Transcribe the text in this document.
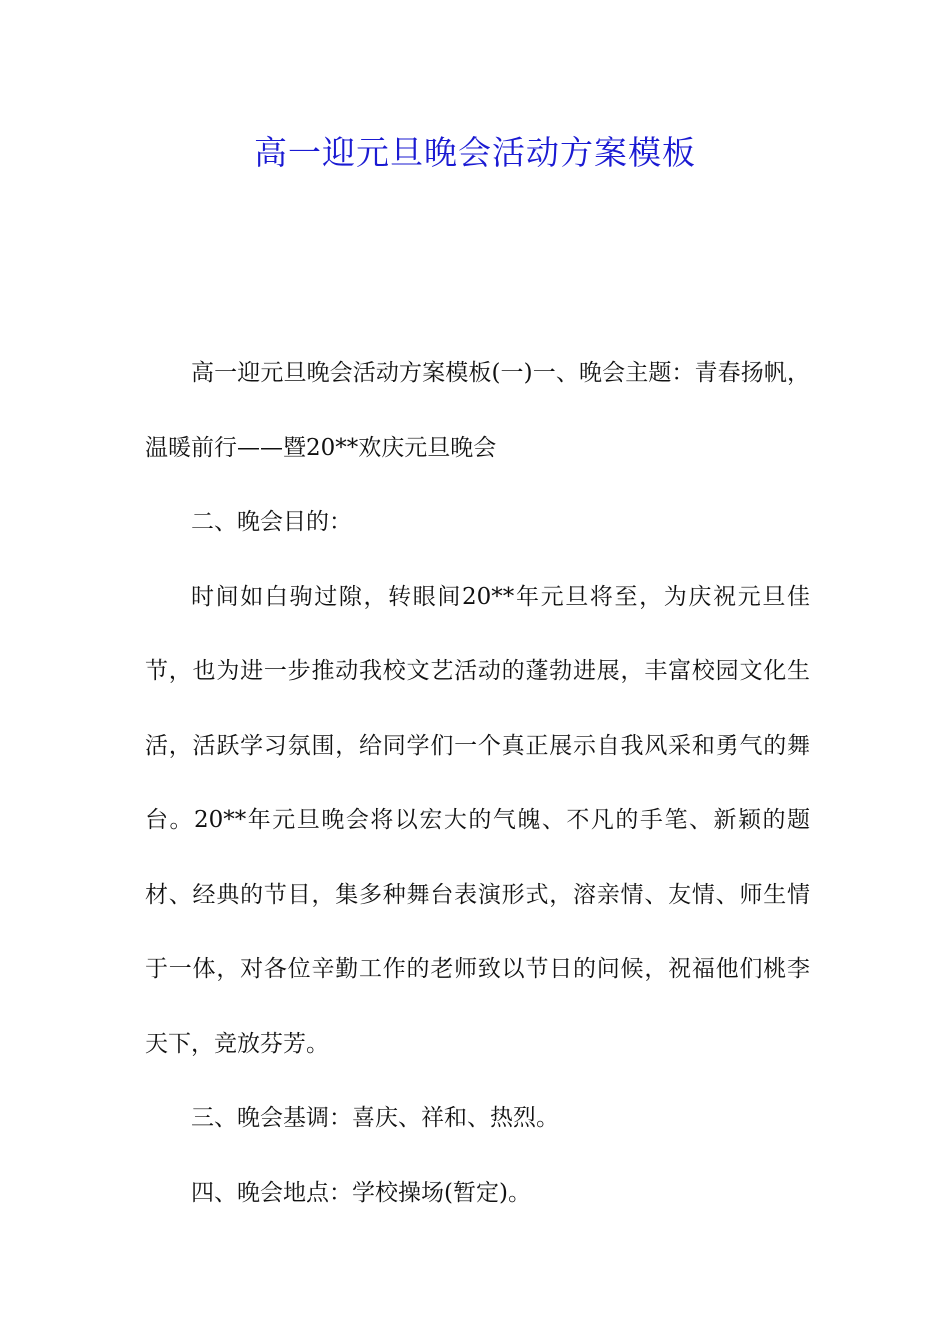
高一迎元旦晚会活动方案模板

高一迎元旦晚会活动方案模板(一)一、晚会主题：青春扬帆，温暖前行——暨20**欢庆元旦晚会

二、晚会目的：

时间如白驹过隙，转眼间20**年元旦将至，为庆祝元旦佳节，也为进一步推动我校文艺活动的蓬勃进展，丰富校园文化生活，活跃学习氛围，给同学们一个真正展示自我风采和勇气的舞台。20**年元旦晚会将以宏大的气魄、不凡的手笔、新颖的题材、经典的节目，集多种舞台表演形式，溶亲情、友情、师生情于一体，对各位辛勤工作的老师致以节日的问候，祝福他们桃李天下，竞放芬芳。

三、晚会基调：喜庆、祥和、热烈。

四、晚会地点：学校操场(暂定)。
